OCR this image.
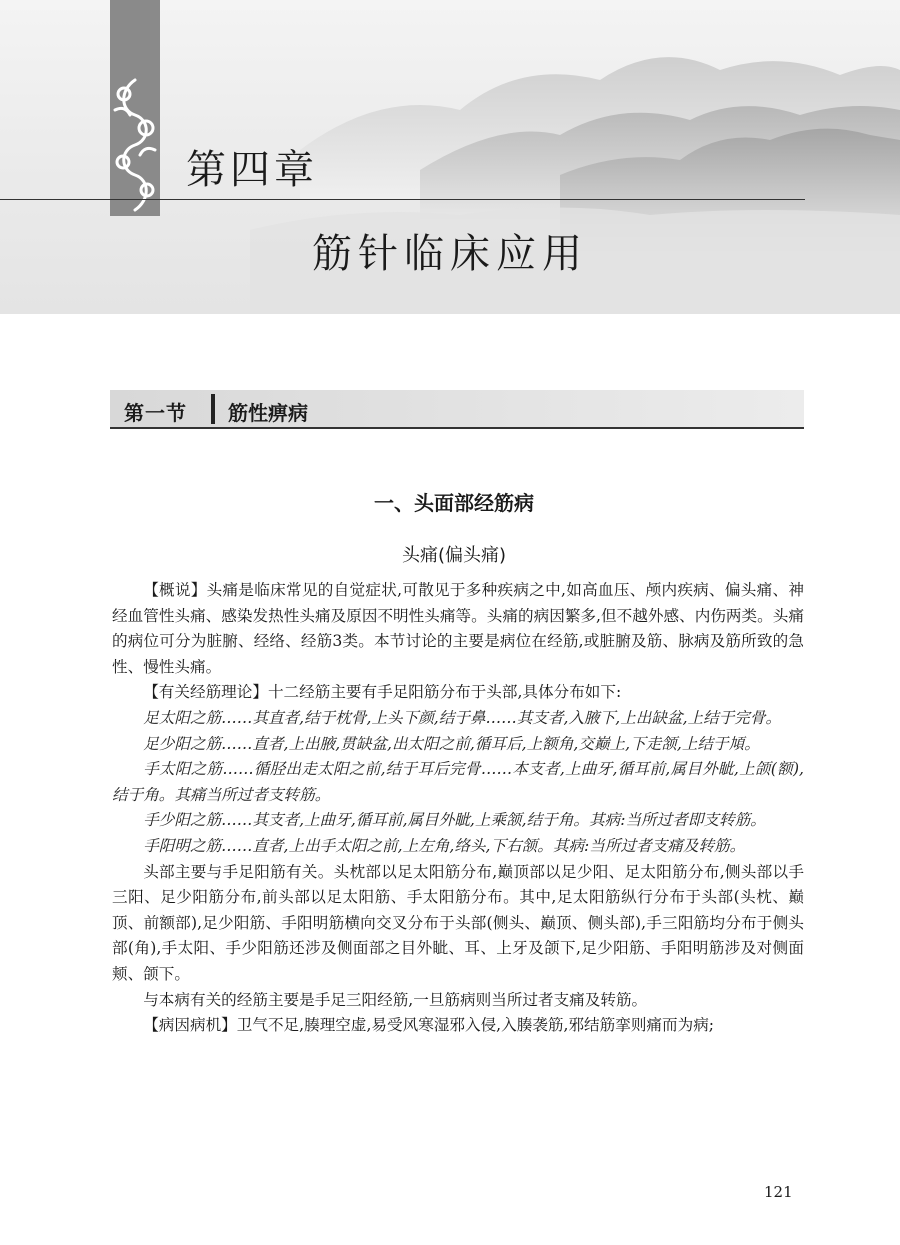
第四章
筋针临床应用
第一节 筋性痹病
一、头面部经筋病
头痛(偏头痛)

【概说】头痛是临床常见的自觉症状,可散见于多种疾病之中,如高血压、颅内疾病、偏头痛、神经血管性头痛、感染发热性头痛及原因不明性头痛等。头痛的病因繁多,但不越外感、内伤两类。头痛的病位可分为脏腑、经络、经筋3类。本节讨论的主要是病位在经筋,或脏腑及筋、脉病及筋所致的急性、慢性头痛。

【有关经筋理论】十二经筋主要有手足阳筋分布于头部,具体分布如下:

足太阳之筋……其直者,结于枕骨,上头下颜,结于鼻……其支者,入腋下,上出缺盆,上结于完骨。

足少阳之筋……直者,上出腋,贯缺盆,出太阳之前,循耳后,上额角,交巅上,下走颔,上结于頄。

手太阳之筋……循胫出走太阳之前,结于耳后完骨……本支者,上曲牙,循耳前,属目外眦,上颌(额),结于角。其痛当所过者支转筋。

手少阳之筋……其支者,上曲牙,循耳前,属目外眦,上乘颔,结于角。其病:当所过者即支转筋。

手阳明之筋……直者,上出手太阳之前,上左角,络头,下右颔。其病:当所过者支痛及转筋。

头部主要与手足阳筋有关。头枕部以足太阳筋分布,巅顶部以足少阳、足太阳筋分布,侧头部以手三阳、足少阳筋分布,前头部以足太阳筋、手太阳筋分布。其中,足太阳筋纵行分布于头部(头枕、巅顶、前额部),足少阳筋、手阳明筋横向交叉分布于头部(侧头、巅顶、侧头部),手三阳筋均分布于侧头部(角),手太阳、手少阳筋还涉及侧面部之目外眦、耳、上牙及颌下,足少阳筋、手阳明筋涉及对侧面颊、颌下。

与本病有关的经筋主要是手足三阳经筋,一旦筋病则当所过者支痛及转筋。

【病因病机】卫气不足,腠理空虚,易受风寒湿邪入侵,入腠袭筋,邪结筋挛则痛而为病;

121
